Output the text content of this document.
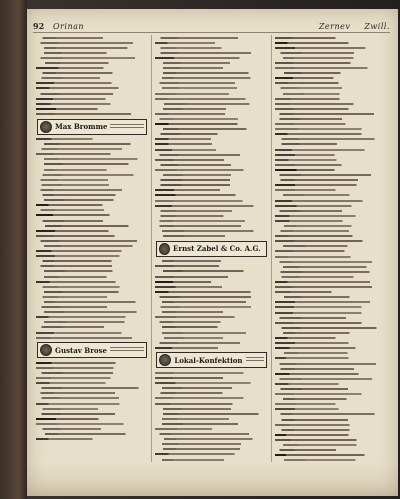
92	Orinan	Zernev Zwill.
Max Bromme
Gustav Brose
Ernst Zabel & Co. A.G.
Lokal-Konfektion
